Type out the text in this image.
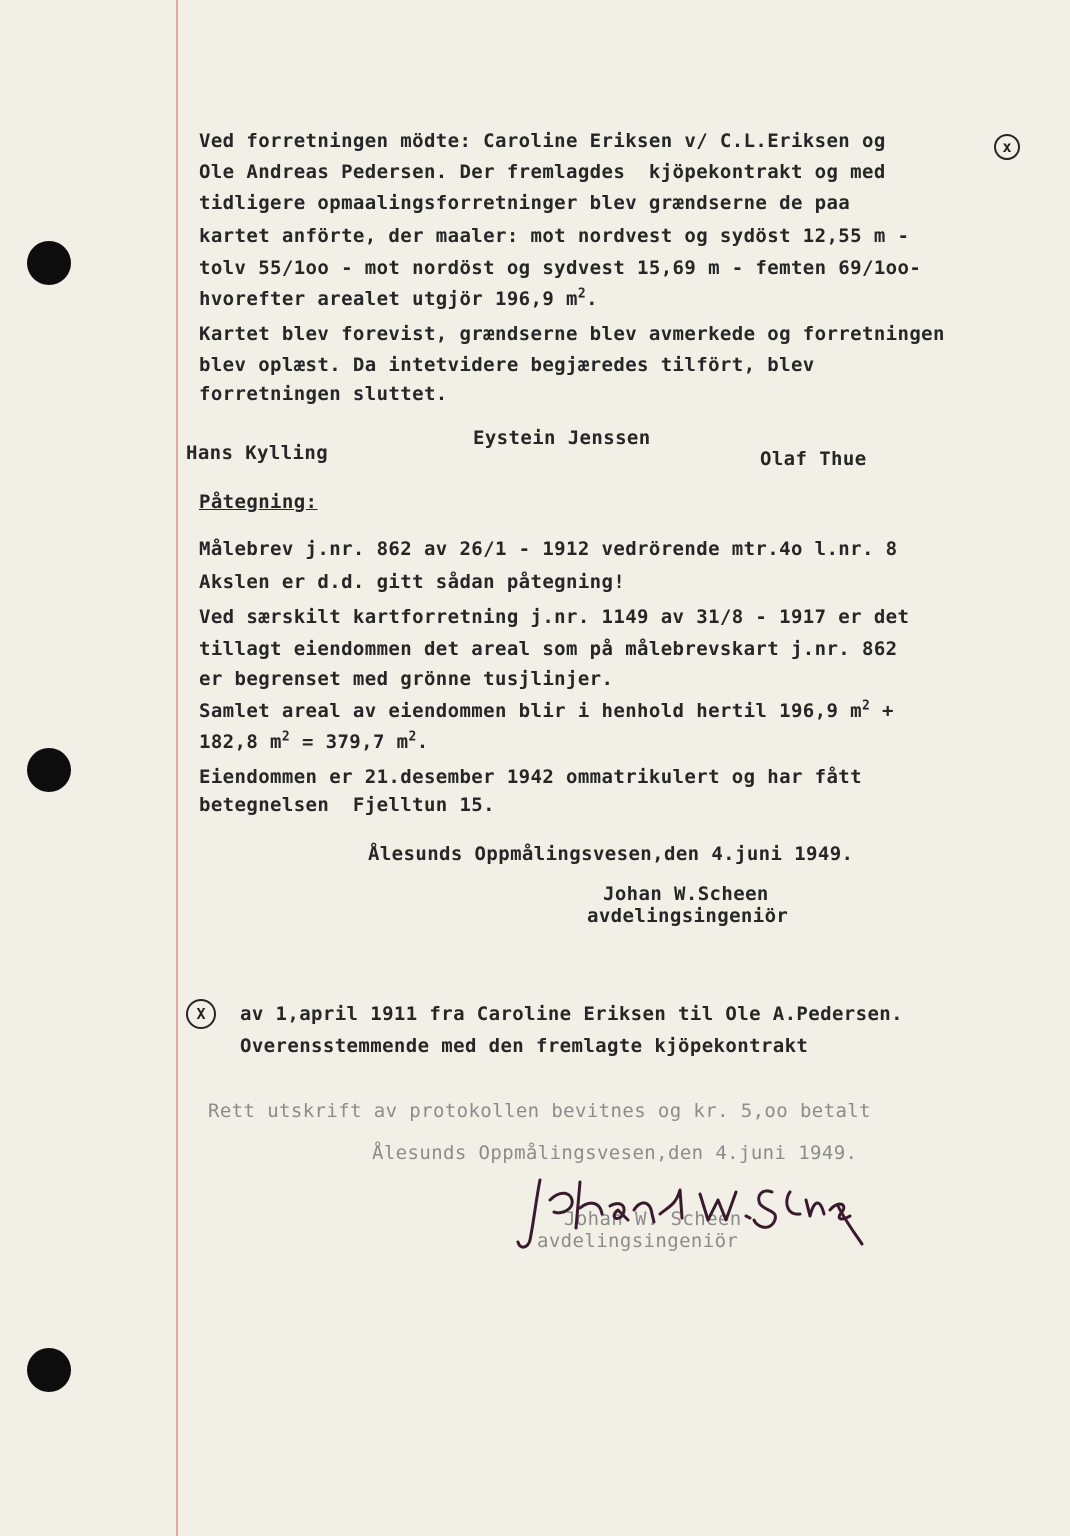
Ved forretningen mödte: Caroline Eriksen v/ C.L.Eriksen og	x
Ole Andreas Pedersen. Der fremlagdes  kjöpekontrakt og med
tidligere opmaalingsforretninger blev grændserne de paa
kartet anförte, der maaler: mot nordvest og sydöst 12,55 m -
tolv 55/1oo - mot nordöst og sydvest 15,69 m - femten 69/1oo-
hvorefter arealet utgjör 196,9 $m^2$.
Kartet blev forevist, grændserne blev avmerkede og forretningen
blev oplæst. Da intetvidere begjæredes tilfört, blev
forretningen sluttet.
Hans Kylling
Eystein Jenssen
Olaf Thue
Påtegning:
Målebrev j.nr. 862 av 26/1 - 1912 vedrörende mtr.4o l.nr. 8
Akslen er d.d. gitt sådan påtegning!
Ved særskilt kartforretning j.nr. 1149 av 31/8 - 1917 er det
tillagt eiendommen det areal som på målebrevskart j.nr. 862
er begrenset med grönne tusjlinjer.
Samlet areal av eiendommen blir i henhold hertil 196,9 $m^2$ +
182,8 $m^2 = 379,7$ $m^2$.
Eiendommen er 21.desember 1942 ommatrikulert og har fått
betegnelsen  Fjelltun 15.
Ålesunds Oppmålingsvesen,den 4.juni 1949.
Johan W.Scheen
avdelingsingeniör
X	av 1,april 1911 fra Caroline Eriksen til Ole A.Pedersen.
Overensstemmende med den fremlagte kjöpekontrakt
Rett utskrift av protokollen bevitnes og kr. 5,oo betalt
Ålesunds Oppmålingsvesen,den 4.juni 1949.
Johan W. Scheen
avdelingsingeniör
